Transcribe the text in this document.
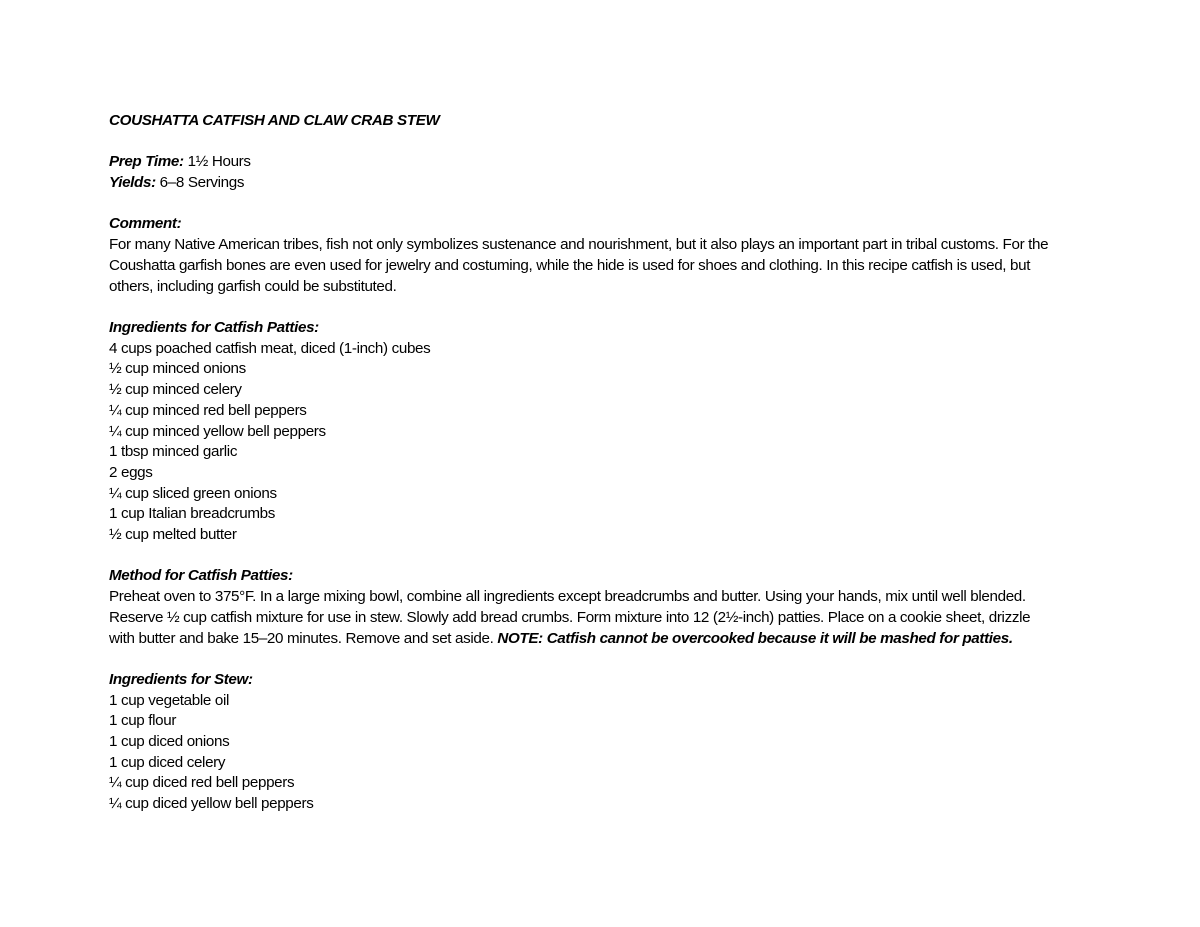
COUSHATTA CATFISH AND CLAW CRAB STEW
Prep Time: 1½ Hours
Yields: 6–8 Servings
Comment:
For many Native American tribes, fish not only symbolizes sustenance and nourishment, but it also plays an important part in tribal customs. For the
Coushatta garfish bones are even used for jewelry and costuming, while the hide is used for shoes and clothing. In this recipe catfish is used, but
others, including garfish could be substituted.
Ingredients for Catfish Patties:
4 cups poached catfish meat, diced (1-inch) cubes
½ cup minced onions
½ cup minced celery
¼ cup minced red bell peppers
¼ cup minced yellow bell peppers
1 tbsp minced garlic
2 eggs
¼ cup sliced green onions
1 cup Italian breadcrumbs
½ cup melted butter
Method for Catfish Patties:
Preheat oven to 375°F. In a large mixing bowl, combine all ingredients except breadcrumbs and butter. Using your hands, mix until well blended.
Reserve ½ cup catfish mixture for use in stew. Slowly add bread crumbs. Form mixture into 12 (2½-inch) patties. Place on a cookie sheet, drizzle
with butter and bake 15–20 minutes. Remove and set aside. NOTE: Catfish cannot be overcooked because it will be mashed for patties.
Ingredients for Stew:
1 cup vegetable oil
1 cup flour
1 cup diced onions
1 cup diced celery
¼ cup diced red bell peppers
¼ cup diced yellow bell peppers
